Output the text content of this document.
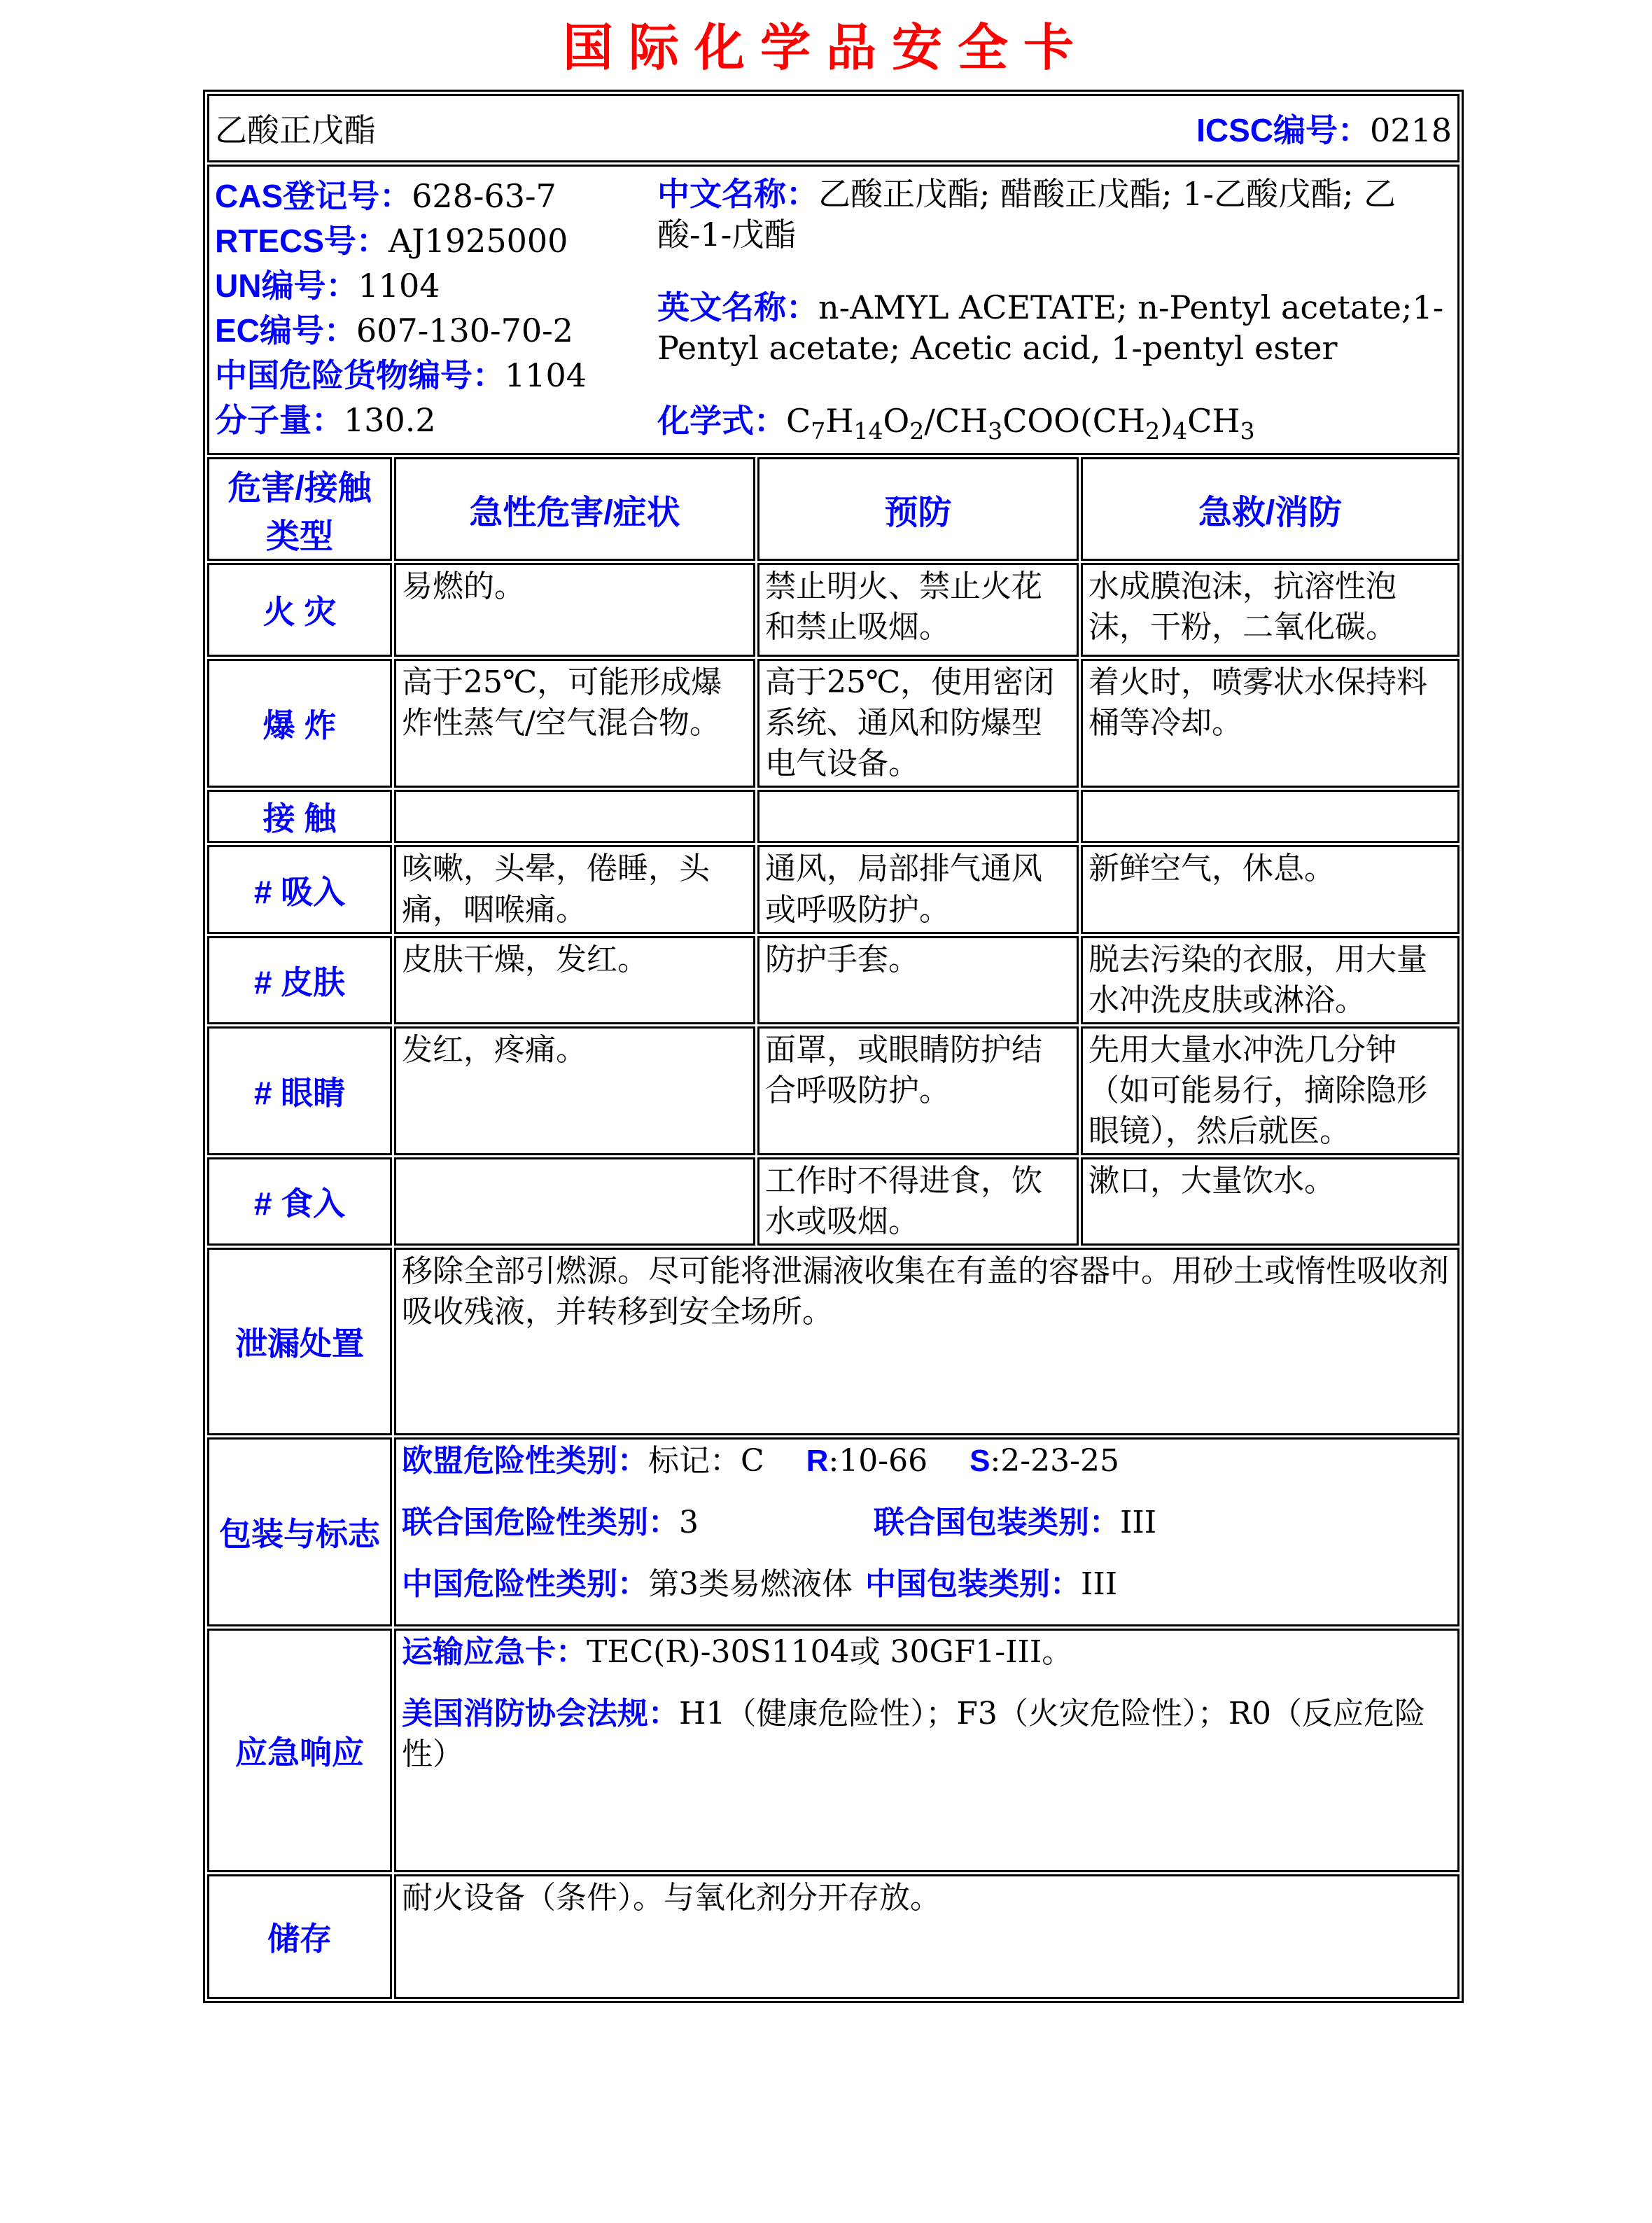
国际化学品安全卡
乙酸正戊酯 ICSC编号：0218			

CAS登记号：628-63-7
RTECS号：AJ1925000
UN编号：1104
EC编号：607-130-70-2
中国危险货物编号：1104
分子量：130.2
中文名称：乙酸正戊酯; 醋酸正戊酯; 1-乙酸戊酯; 乙酸-1-戊酯
英文名称：n-AMYL ACETATE; n-Pentyl acetate;1-Pentyl acetate; Acetic acid, 1-pentyl ester
化学式：$C_7H_{14}O_2/CH_3COO(CH_2)_4CH_3$

危害/接触类型	急性危害/症状	预防	急救/消防
火 灾	易燃的。	禁止明火、禁止火花和禁止吸烟。	水成膜泡沫，抗溶性泡沫，干粉，二氧化碳。

爆 炸	高于25℃，可能形成爆炸性蒸气/空气混合物。	高于25℃，使用密闭系统、通风和防爆型电气设备。	着火时，喷雾状水保持料桶等冷却。

接 触	

# 吸入	咳嗽，头晕，倦睡，头痛，咽喉痛。	通风，局部排气通风或呼吸防护。	新鲜空气，休息。

# 皮肤	皮肤干燥，发红。	防护手套。	脱去污染的衣服，用大量水冲洗皮肤或淋浴。

# 眼睛	发红，疼痛。	面罩，或眼睛防护结合呼吸防护。	先用大量水冲洗几分钟（如可能易行，摘除隐形眼镜），然后就医。

# 食入		工作时不得进食，饮水或吸烟。	漱口，大量饮水。

泄漏处置	移除全部引燃源。尽可能将泄漏液收集在有盖的容器中。用砂土或惰性吸收剂吸收残液，并转移到安全场所。		

包装与标志	欧盟危险性类别：标记：C R:10-66 S:2-23-25
联合国危险性类别：3 联合国包装类别：III
中国危险性类别：第3类易燃液体 中国包装类别：III		

应急响应	运输应急卡：TEC(R)-30S1104或 30GF1-III。
美国消防协会法规：H1（健康危险性）；F3（火灾危险性）；R0（反应危险性）		

储存	耐火设备（条件）。与氧化剂分开存放。		
